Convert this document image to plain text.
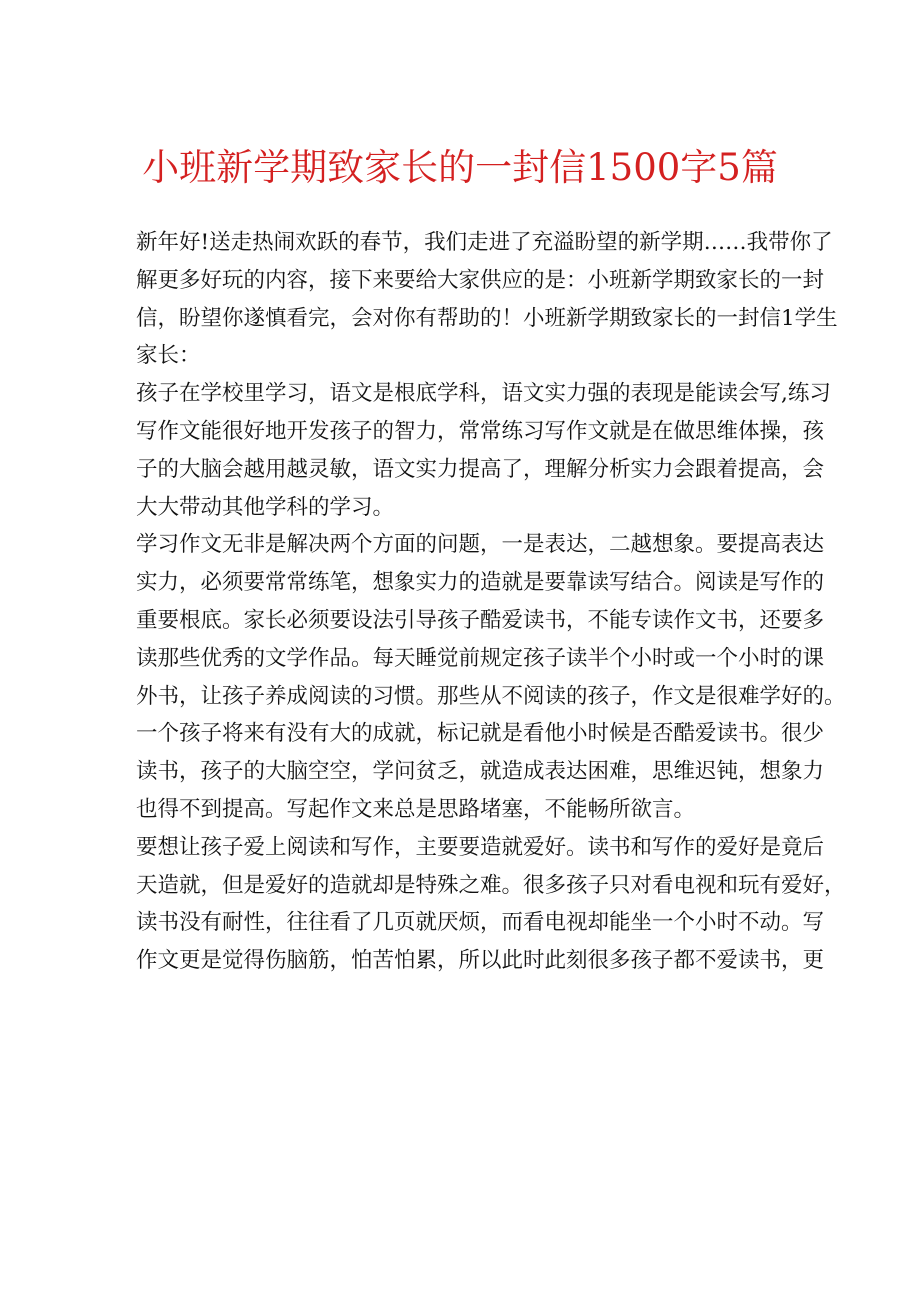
小班新学期致家长的一封信1500字5篇
新年好!送走热闹欢跃的春节，我们走进了充溢盼望的新学期……我带你了
解更多好玩的内容，接下来要给大家供应的是：小班新学期致家长的一封
信，盼望你遂慎看完，会对你有帮助的！小班新学期致家长的一封信1学生
家长：
孩子在学校里学习，语文是根底学科，语文实力强的表现是能读会写,练习
写作文能很好地开发孩子的智力，常常练习写作文就是在做思维体操，孩
子的大脑会越用越灵敏，语文实力提高了，理解分析实力会跟着提高，会
大大带动其他学科的学习。
学习作文无非是解决两个方面的问题，一是表达，二越想象。要提高表达
实力，必须要常常练笔，想象实力的造就是要靠读写结合。阅读是写作的
重要根底。家长必须要设法引导孩子酷爱读书，不能专读作文书，还要多
读那些优秀的文学作品。每天睡觉前规定孩子读半个小时或一个小时的课
外书，让孩子养成阅读的习惯。那些从不阅读的孩子，作文是很难学好的。
一个孩子将来有没有大的成就，标记就是看他小时候是否酷爱读书。很少
读书，孩子的大脑空空，学问贫乏，就造成表达困难，思维迟钝，想象力
也得不到提高。写起作文来总是思路堵塞，不能畅所欲言。
要想让孩子爱上阅读和写作，主要要造就爱好。读书和写作的爱好是竟后
天造就，但是爱好的造就却是特殊之难。很多孩子只对看电视和玩有爱好，
读书没有耐性，往往看了几页就厌烦，而看电视却能坐一个小时不动。写
作文更是觉得伤脑筋，怕苦怕累，所以此时此刻很多孩子都不爱读书，更
